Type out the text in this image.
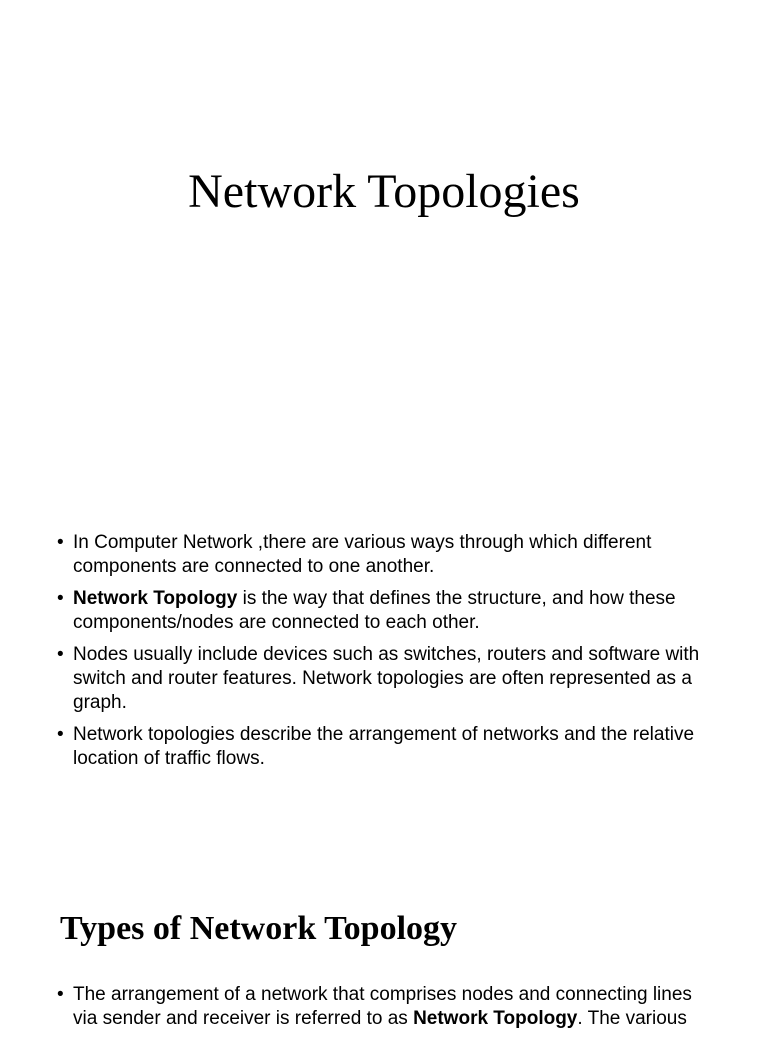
Network Topologies
• In Computer Network ,there are various ways through which different components are connected to one another.
• Network Topology is the way that defines the structure, and how these components/nodes are connected to each other.
• Nodes usually include devices such as switches, routers and software with switch and router features. Network topologies are often represented as a graph.
• Network topologies describe the arrangement of networks and the relative location of traffic flows.
Types of Network Topology
• The arrangement of a network that comprises nodes and connecting lines via sender and receiver is referred to as Network Topology. The various
